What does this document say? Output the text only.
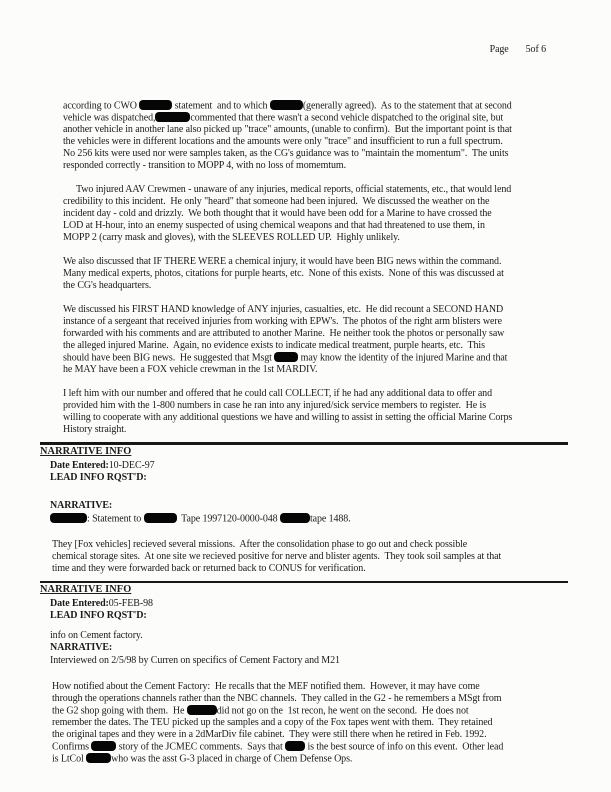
Page 5of 6
according to CWO	statement  and to which	(generally agreed).  As to the statement that at second
vehicle was dispatched,	commented that there wasn't a second vehicle dispatched to the original site, but
another vehicle in another lane also picked up "trace" amounts, (unable to confirm).  But the important point is that
the vehicles were in different locations and the amounts were only "trace" and insufficient to run a full spectrum.
No 256 kits were used nor were samples taken, as the CG's guidance was to "maintain the momentum".  The units
responded correctly - transition to MOPP 4, with no loss of momemtum.
Two injured AAV Crewmen - unaware of any injuries, medical reports, official statements, etc., that would lend
credibility to this incident.  He only "heard" that someone had been injured.  We discussed the weather on the
incident day - cold and drizzly.  We both thought that it would have been odd for a Marine to have crossed the
LOD at H-hour, into an enemy suspected of using chemical weapons and that had threatened to use them, in
MOPP 2 (carry mask and gloves), with the SLEEVES ROLLED UP.  Highly unlikely.
We also discussed that IF THERE WERE a chemical injury, it would have been BIG news within the command.
Many medical experts, photos, citations for purple hearts, etc.  None of this exists.  None of this was discussed at
the CG's headquarters.
We discussed his FIRST HAND knowledge of ANY injuries, casualties, etc.  He did recount a SECOND HAND
instance of a sergeant that received injuries from working with EPW's.  The photos of the right arm blisters were
forwarded with his comments and are attributed to another Marine.  He neither took the photos or personally saw
the alleged injured Marine.  Again, no evidence exists to indicate medical treatment, purple hearts, etc.  This
should have been BIG news.  He suggested that Msgt  may know the identity of the injured Marine and that
he MAY have been a FOX vehicle crewman in the 1st MARDIV.
I left him with our number and offered that he could call COLLECT, if he had any additional data to offer and
provided him with the 1-800 numbers in case he ran into any injured/sick service members to register.  He is
willing to cooperate with any additional questions we have and willing to assist in setting the official Marine Corps
History straight.
NARRATIVE INFO
Date Entered:10-DEC-97
LEAD INFO RQST'D:
NARRATIVE:
: Statement to	Tape 1997120-0000-048	tape 1488.
They [Fox vehicles] recieved several missions.  After the consolidation phase to go out and check possible
chemical storage sites.  At one site we recieved positive for nerve and blister agents.  They took soil samples at that
time and they were forwarded back or returned back to CONUS for verification.
NARRATIVE INFO
Date Entered:05-FEB-98
LEAD INFO RQST'D:
info on Cement factory.
NARRATIVE:
Interviewed on 2/5/98 by Curren on specifics of Cement Factory and M21
How notified about the Cement Factory:  He recalls that the MEF notified them.  However, it may have come
through the operations channels rather than the NBC channels.  They called in the G2 - he remembers a MSgt from
the G2 shop going with them.  He	did not go on the  1st recon, he went on the second.  He does not
remember the dates. The TEU picked up the samples and a copy of the Fox tapes went with them.  They retained
the original tapes and they were in a 2dMarDiv file cabinet.  They were still there when he retired in Feb. 1992.
Confirms	story of the JCMEC comments.  Says that  is the best source of info on this event.  Other lead
is LtCol	who was the asst G-3 placed in charge of Chem Defense Ops.
